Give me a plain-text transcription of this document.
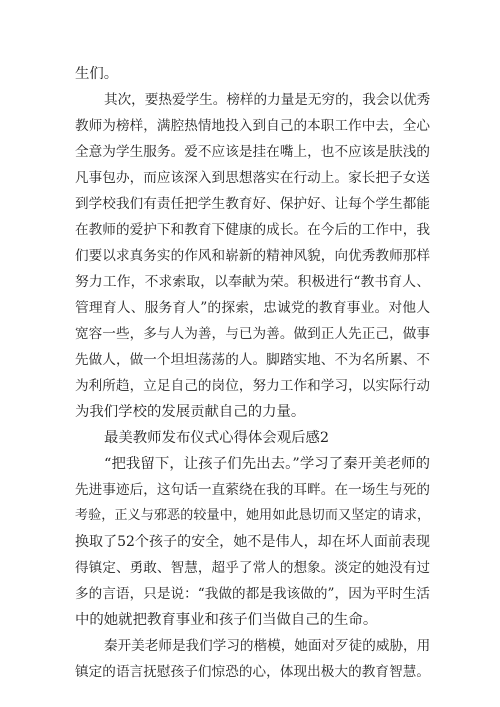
生们。
其次，要热爱学生。榜样的力量是无穷的，我会以优秀
教师为榜样，满腔热情地投入到自己的本职工作中去，全心
全意为学生服务。爱不应该是挂在嘴上，也不应该是肤浅的
凡事包办，而应该深入到思想落实在行动上。家长把子女送
到学校我们有责任把学生教育好、保护好、让每个学生都能
在教师的爱护下和教育下健康的成长。在今后的工作中，我
们要以求真务实的作风和崭新的精神风貌，向优秀教师那样
努力工作，不求索取，以奉献为荣。积极进行“教书育人、
管理育人、服务育人”的探索，忠诚党的教育事业。对他人
宽容一些，多与人为善，与已为善。做到正人先正己，做事
先做人，做一个坦坦荡荡的人。脚踏实地、不为名所累、不
为利所趋，立足自己的岗位，努力工作和学习，以实际行动
为我们学校的发展贡献自己的力量。
最美教师发布仪式心得体会观后感2
“把我留下，让孩子们先出去。”学习了秦开美老师的
先进事迹后，这句话一直萦绕在我的耳畔。在一场生与死的
考验，正义与邪恶的较量中，她用如此恳切而又坚定的请求，
换取了52个孩子的安全，她不是伟人，却在坏人面前表现
得镇定、勇敢、智慧，超乎了常人的想象。淡定的她没有过
多的言语，只是说：“我做的都是我该做的”，因为平时生活
中的她就把教育事业和孩子们当做自己的生命。
秦开美老师是我们学习的楷模，她面对歹徒的威胁，用
镇定的语言抚慰孩子们惊恐的心，体现出极大的教育智慧。
